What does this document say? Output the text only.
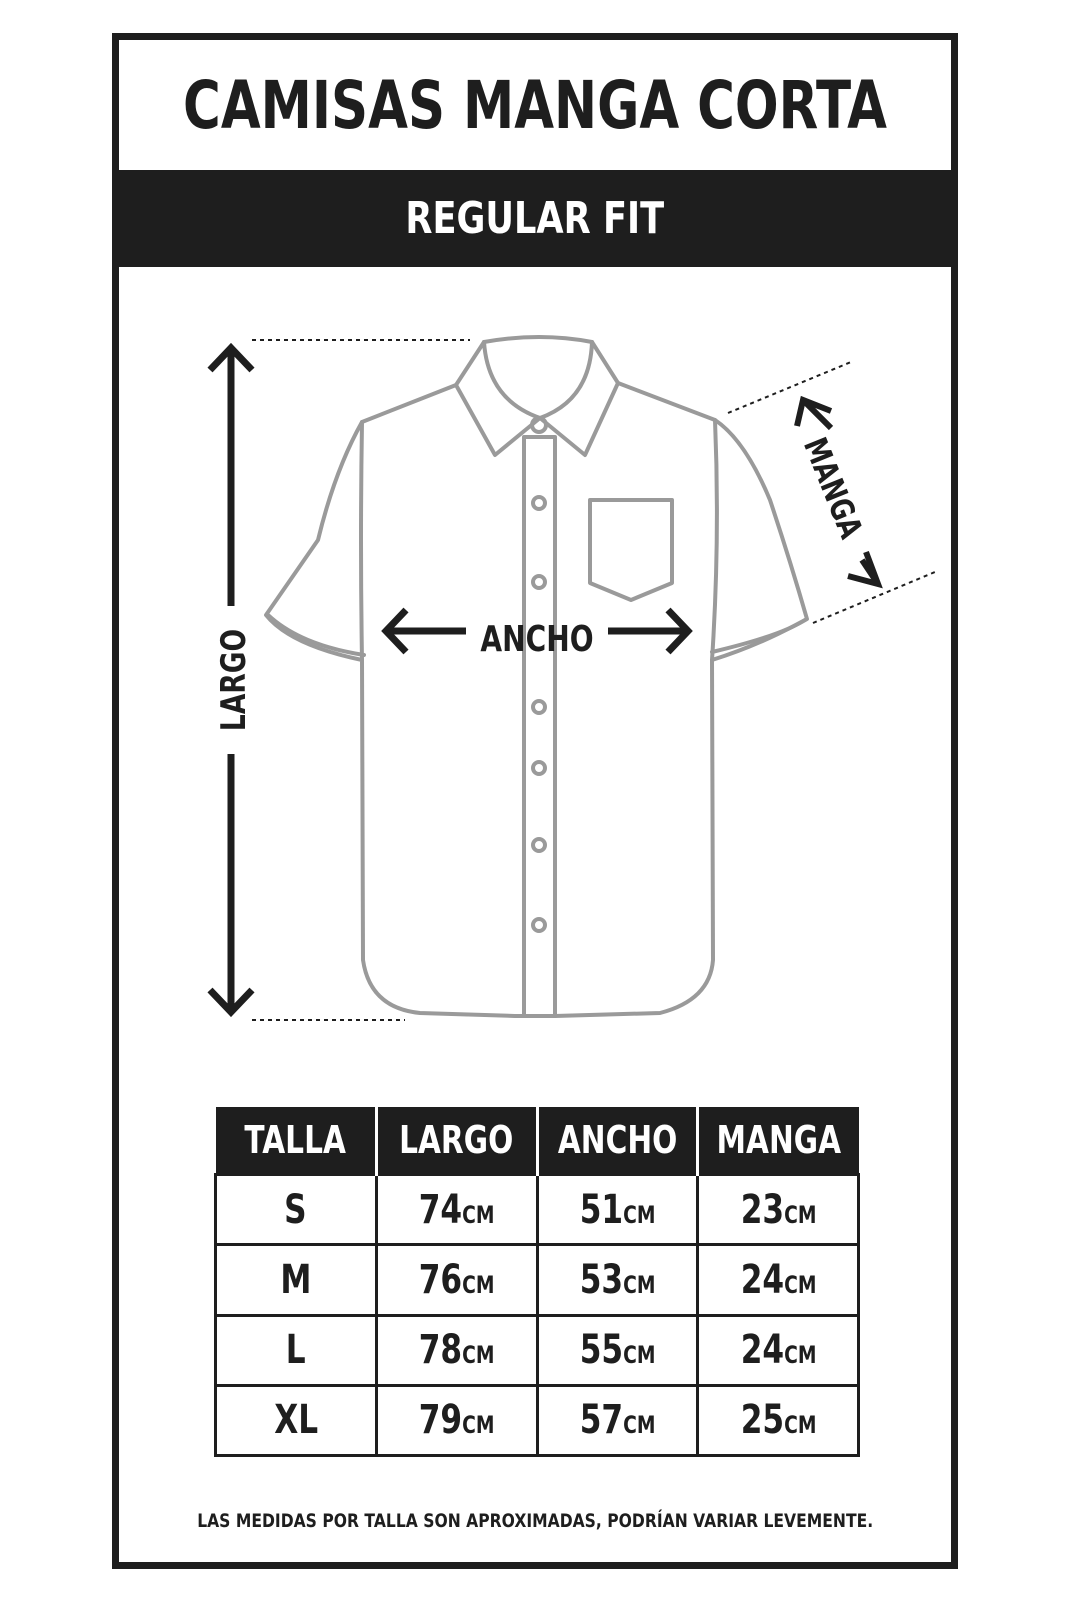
CAMISAS MANGA CORTA
REGULAR FIT
LARGO	ANCHO
MANGA
TALLA	LARGO	ANCHO	MANGA
S	74CM	51CM	23CM
M	76CM	53CM	24CM
L	78CM	55CM	24CM
XL	79CM	57CM	25CM
LAS MEDIDAS POR TALLA SON APROXIMADAS, PODRÍAN VARIAR LEVEMENTE.
